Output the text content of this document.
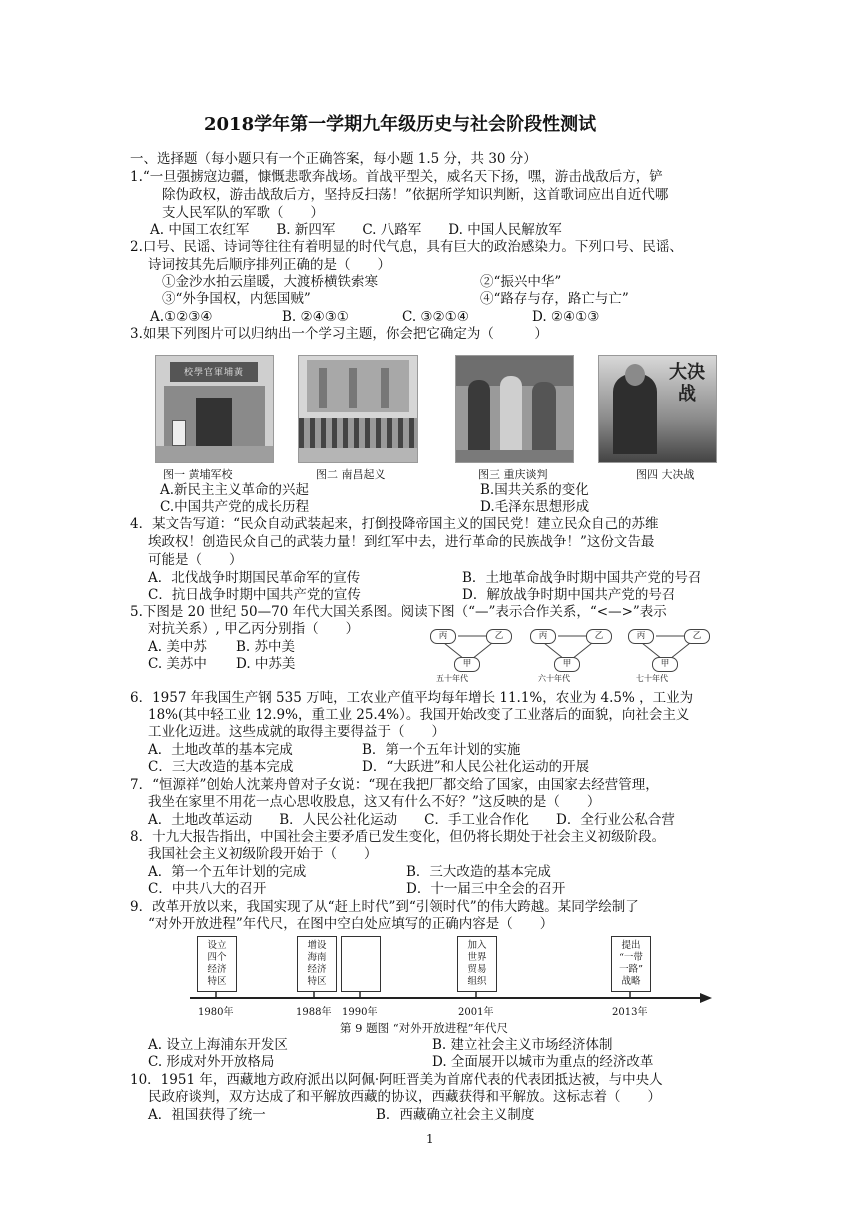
2018学年第一学期九年级历史与社会阶段性测试
一、选择题（每小题只有一个正确答案，每小题 1.5 分，共 30 分）
1.“一旦强掳寇边疆，慷慨悲歌奔战场。首战平型关，威名天下扬，嘿，游击战敌后方，铲
除伪政权，游击战敌后方，坚持反扫荡！”依据所学知识判断，这首歌词应出自近代哪
支人民军队的军歌（　　）
A. 中国工农红军　　B. 新四军　　C. 八路军　　D. 中国人民解放军
2.口号、民谣、诗词等往往有着明显的时代气息，具有巨大的政治感染力。下列口号、民谣、
诗词按其先后顺序排列正确的是（　　）
①金沙水拍云崖暖，大渡桥横铁索寒	②“振兴中华”
③“外争国权，内惩国贼”	④“路存与存，路亡与亡”
A.①②③④	B. ②④③①	C. ③②①④	D. ②④①③
3.如果下列图片可以归纳出一个学习主题，你会把它确定为（　　　）
校學官軍埔黃	大决战
图一 黄埔军校	图二 南昌起义	图三 重庆谈判	图四 大决战
A.新民主主义革命的兴起	B.国共关系的变化
C.中国共产党的成长历程	D.毛泽东思想形成
4．某文告写道：“民众自动武装起来，打倒投降帝国主义的国民党！建立民众自己的苏维
埃政权！创造民众自己的武装力量！到红军中去，进行革命的民族战争！”这份文告最
可能是（　　）
A．北伐战争时期国民革命军的宣传	B．土地革命战争时期中国共产党的号召
C．抗日战争时期中国共产党的宣传	D．解放战争时期中国共产党的号召
5.下图是 20 世纪 50—70 年代大国关系图。阅读下图（“—”表示合作关系，“<—>”表示
对抗关系）, 甲乙丙分别指（　　）
A. 美中苏 B. 苏中美
C. 美苏中 D. 中苏美
丙	乙
甲
五十年代
丙	乙
甲
六十年代
丙	乙
甲
七十年代
6．1957 年我国生产钢 535 万吨，工农业产值平均每年增长 11.1%，农业为 4.5% ，工业为
18%(其中轻工业 12.9%，重工业 25.4%）。我国开始改变了工业落后的面貌，向社会主义
工业化迈进。这些成就的取得主要得益于（　　）
A．土地改革的基本完成	B．第一个五年计划的实施
C．三大改造的基本完成	D．“大跃进”和人民公社化运动的开展
7．“恒源祥”创始人沈莱舟曾对子女说：“现在我把厂都交给了国家，由国家去经营管理，
我坐在家里不用花一点心思收股息，这又有什么不好？”这反映的是（　　）
A．土地改革运动　　B．人民公社化运动　　C．手工业合作化　　D．全行业公私合营
8．十九大报告指出，中国社会主要矛盾已发生变化，但仍将长期处于社会主义初级阶段。
我国社会主义初级阶段开始于（　　）
A．第一个五年计划的完成	B．三大改造的基本完成
C．中共八大的召开	D．十一届三中全会的召开
9．改革开放以来，我国实现了从“赶上时代”到“引领时代”的伟大跨越。某同学绘制了
“对外开放进程”年代尺，在图中空白处应填写的正确内容是（　　）
设立
四个
经济
特区
增设
海南
经济
特区
加入
世界
贸易
组织
提出
“一带
一路”
战略
1980年	1988年 1990年	2001年	2013年
第 9 题图 “对外开放进程”年代尺
A. 设立上海浦东开发区	B. 建立社会主义市场经济体制
C. 形成对外开放格局	D. 全面展开以城市为重点的经济改革
10．1951 年，西藏地方政府派出以阿佩·阿旺晋美为首席代表的代表团抵达被，与中央人
民政府谈判，双方达成了和平解放西藏的协议，西藏获得和平解放。这标志着（　　）
A．祖国获得了统一	B．西藏确立社会主义制度
1
